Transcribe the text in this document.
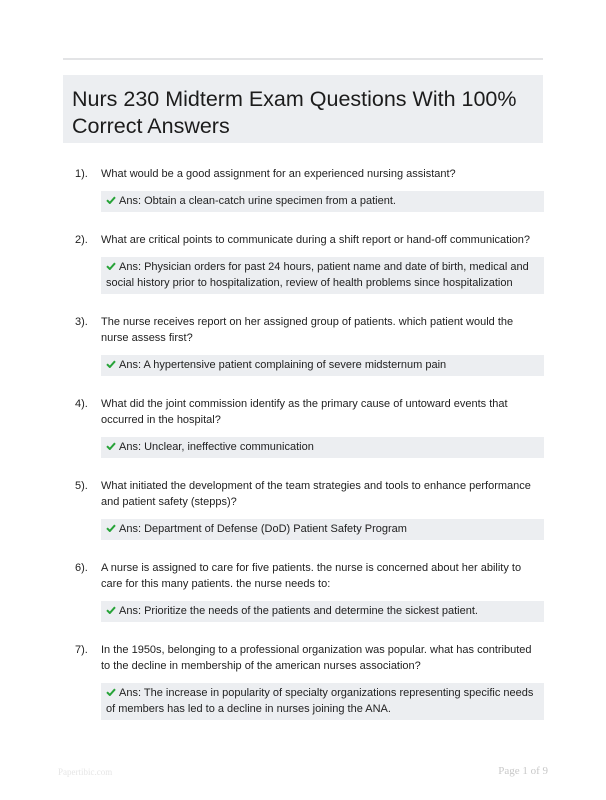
Nurs 230 Midterm Exam Questions With 100% Correct Answers
1). What would be a good assignment for an experienced nursing assistant?
Ans: Obtain a clean-catch urine specimen from a patient.
2). What are critical points to communicate during a shift report or hand-off communication?
Ans: Physician orders for past 24 hours, patient name and date of birth, medical and social history prior to hospitalization, review of health problems since hospitalization
3). The nurse receives report on her assigned group of patients. which patient would the nurse assess first?
Ans: A hypertensive patient complaining of severe midsternum pain
4). What did the joint commission identify as the primary cause of untoward events that occurred in the hospital?
Ans: Unclear, ineffective communication
5). What initiated the development of the team strategies and tools to enhance performance and patient safety (stepps)?
Ans: Department of Defense (DoD) Patient Safety Program
6). A nurse is assigned to care for five patients. the nurse is concerned about her ability to care for this many patients. the nurse needs to:
Ans: Prioritize the needs of the patients and determine the sickest patient.
7). In the 1950s, belonging to a professional organization was popular. what has contributed to the decline in membership of the american nurses association?
Ans: The increase in popularity of specialty organizations representing specific needs of members has led to a decline in nurses joining the ANA.
Papertibic.com	Page 1 of 9
